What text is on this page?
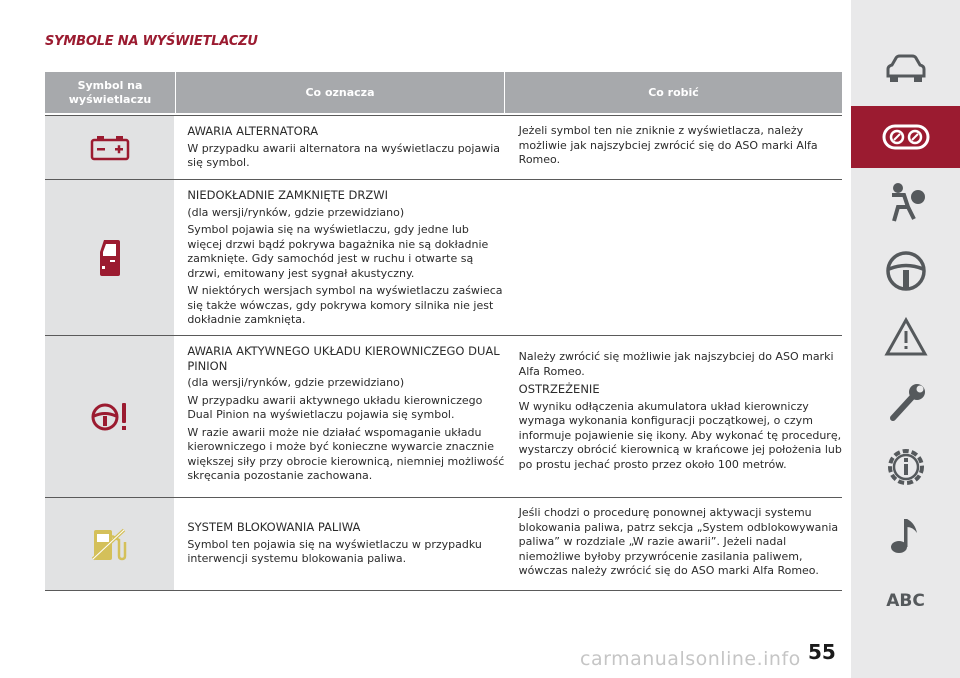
SYMBOLE NA WYŚWIETLACZU
Symbol na wyświetlaczu
Co oznacza	Co robić

AWARIA ALTERNATORA

W przypadku awarii alternatora na wyświetlaczu pojawia się symbol.

Jeżeli symbol ten nie zniknie z wyświetlacza, należy możliwie jak najszybciej zwrócić się do ASO marki Alfa Romeo.

NIEDOKŁADNIE ZAMKNIĘTE DRZWI

(dla wersji/rynków, gdzie przewidziano)

Symbol pojawia się na wyświetlaczu, gdy jedne lub więcej drzwi bądź pokrywa bagażnika nie są dokładnie zamknięte. Gdy samochód jest w ruchu i otwarte są drzwi, emitowany jest sygnał akustyczny.

W niektórych wersjach symbol na wyświetlaczu zaświeca się także wówczas, gdy pokrywa komory silnika nie jest dokładnie zamknięta.

AWARIA AKTYWNEGO UKŁADU KIEROWNICZEGO DUAL PINION

(dla wersji/rynków, gdzie przewidziano)

W przypadku awarii aktywnego układu kierowniczego Dual Pinion na wyświetlaczu pojawia się symbol.

W razie awarii może nie działać wspomaganie układu kierowniczego i może być konieczne wywarcie znacznie większej siły przy obrocie kierownicą, niemniej możliwość skręcania pozostanie zachowana.

Należy zwrócić się możliwie jak najszybciej do ASO marki Alfa Romeo.

OSTRZEŻENIE

W wyniku odłączenia akumulatora układ kierowniczy wymaga wykonania konfiguracji początkowej, o czym informuje pojawienie się ikony. Aby wykonać tę procedurę, wystarczy obrócić kierownicą w krańcowe jej położenia lub po prostu jechać prosto przez około 100 metrów.

SYSTEM BLOKOWANIA PALIWA

Symbol ten pojawia się na wyświetlaczu w przypadku interwencji systemu blokowania paliwa.

Jeśli chodzi o procedurę ponownej aktywacji systemu blokowania paliwa, patrz sekcja „System odblokowywania paliwa” w rozdziale „W razie awarii”. Jeżeli nadal niemożliwe byłoby przywrócenie zasilania paliwem, wówczas należy zwrócić się do ASO marki Alfa Romeo.

ABC
carmanualsonline.info 55
